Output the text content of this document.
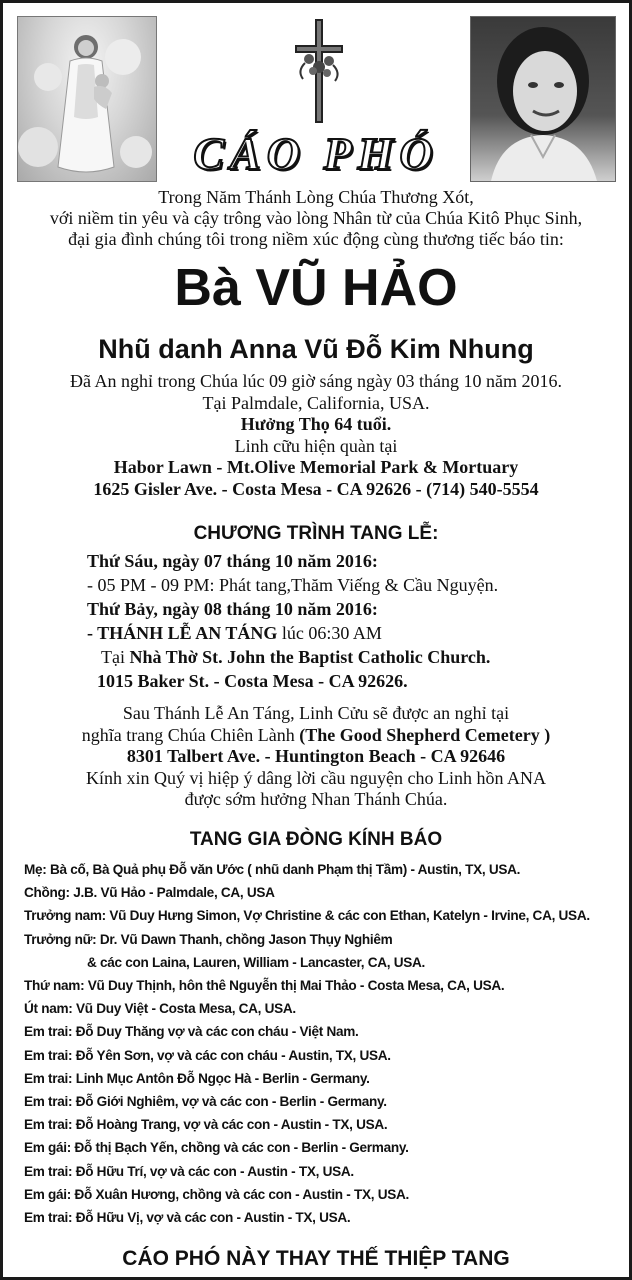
CÁO PHÓ
Trong Năm Thánh Lòng Chúa Thương Xót,
với niềm tin yêu và cậy trông vào lòng Nhân từ của Chúa Kitô Phục Sinh,
đại gia đình chúng tôi trong niềm xúc động cùng thương tiếc báo tin:
Bà VŨ HẢO
Nhũ danh Anna Vũ Đỗ Kim Nhung
Đã An nghỉ trong Chúa lúc 09 giờ sáng ngày 03 tháng 10 năm 2016.
Tại Palmdale, California, USA.
Hưởng Thọ 64 tuổi.
Linh cữu hiện quàn tại
Habor Lawn - Mt.Olive Memorial Park & Mortuary
1625 Gisler Ave. - Costa Mesa - CA 92626 - (714) 540-5554
CHƯƠNG TRÌNH TANG LỄ:
Thứ Sáu, ngày 07 tháng 10 năm 2016:
- 05 PM - 09 PM: Phát tang,Thăm Viếng & Cầu Nguyện.
Thứ Bảy, ngày 08 tháng 10 năm 2016:
- THÁNH LỄ AN TÁNG lúc 06:30 AM
Tại Nhà Thờ St. John the Baptist Catholic Church.
1015 Baker St. - Costa Mesa - CA 92626.
Sau Thánh Lễ An Táng, Linh Cửu sẽ được an nghỉ tại
nghĩa trang Chúa Chiên Lành (The Good Shepherd Cemetery )
8301 Talbert Ave. - Huntington Beach - CA 92646
Kính xin Quý vị hiệp ý dâng lời cầu nguyện cho Linh hồn ANA
được sớm hưởng Nhan Thánh Chúa.
TANG GIA ĐÒNG KÍNH BÁO
Mẹ: Bà cố, Bà Quả phụ Đỗ văn Ước ( nhũ danh Phạm thị Tầm) - Austin, TX, USA.
Chồng: J.B. Vũ Hảo - Palmdale, CA, USA
Trưởng nam: Vũ Duy Hưng Simon, Vợ Christine & các con Ethan, Katelyn - Irvine, CA, USA.
Trưởng nữ: Dr. Vũ Dawn Thanh, chồng Jason Thụy Nghiêm
& các con Laina, Lauren, William - Lancaster, CA, USA.
Thứ nam: Vũ Duy Thịnh, hôn thê Nguyễn thị Mai Thảo - Costa Mesa, CA, USA.
Út nam: Vũ Duy Việt - Costa Mesa, CA, USA.
Em trai: Đỗ Duy Thăng vợ và các con cháu - Việt Nam.
Em trai: Đỗ Yên Sơn, vợ và các con cháu - Austin, TX, USA.
Em trai: Linh Mục Antôn Đỗ Ngọc Hà - Berlin - Germany.
Em trai: Đỗ Giới Nghiêm, vợ và các con - Berlin - Germany.
Em trai: Đỗ Hoàng Trang, vợ và các con - Austin - TX, USA.
Em gái: Đỗ thị Bạch Yến, chồng và các con - Berlin - Germany.
Em trai: Đỗ Hữu Trí, vợ và các con - Austin - TX, USA.
Em gái: Đỗ Xuân Hương, chồng và các con - Austin - TX, USA.
Em trai: Đỗ Hữu Vị, vợ và các con - Austin - TX, USA.
CÁO PHÓ NÀY THAY THẾ THIỆP TANG
